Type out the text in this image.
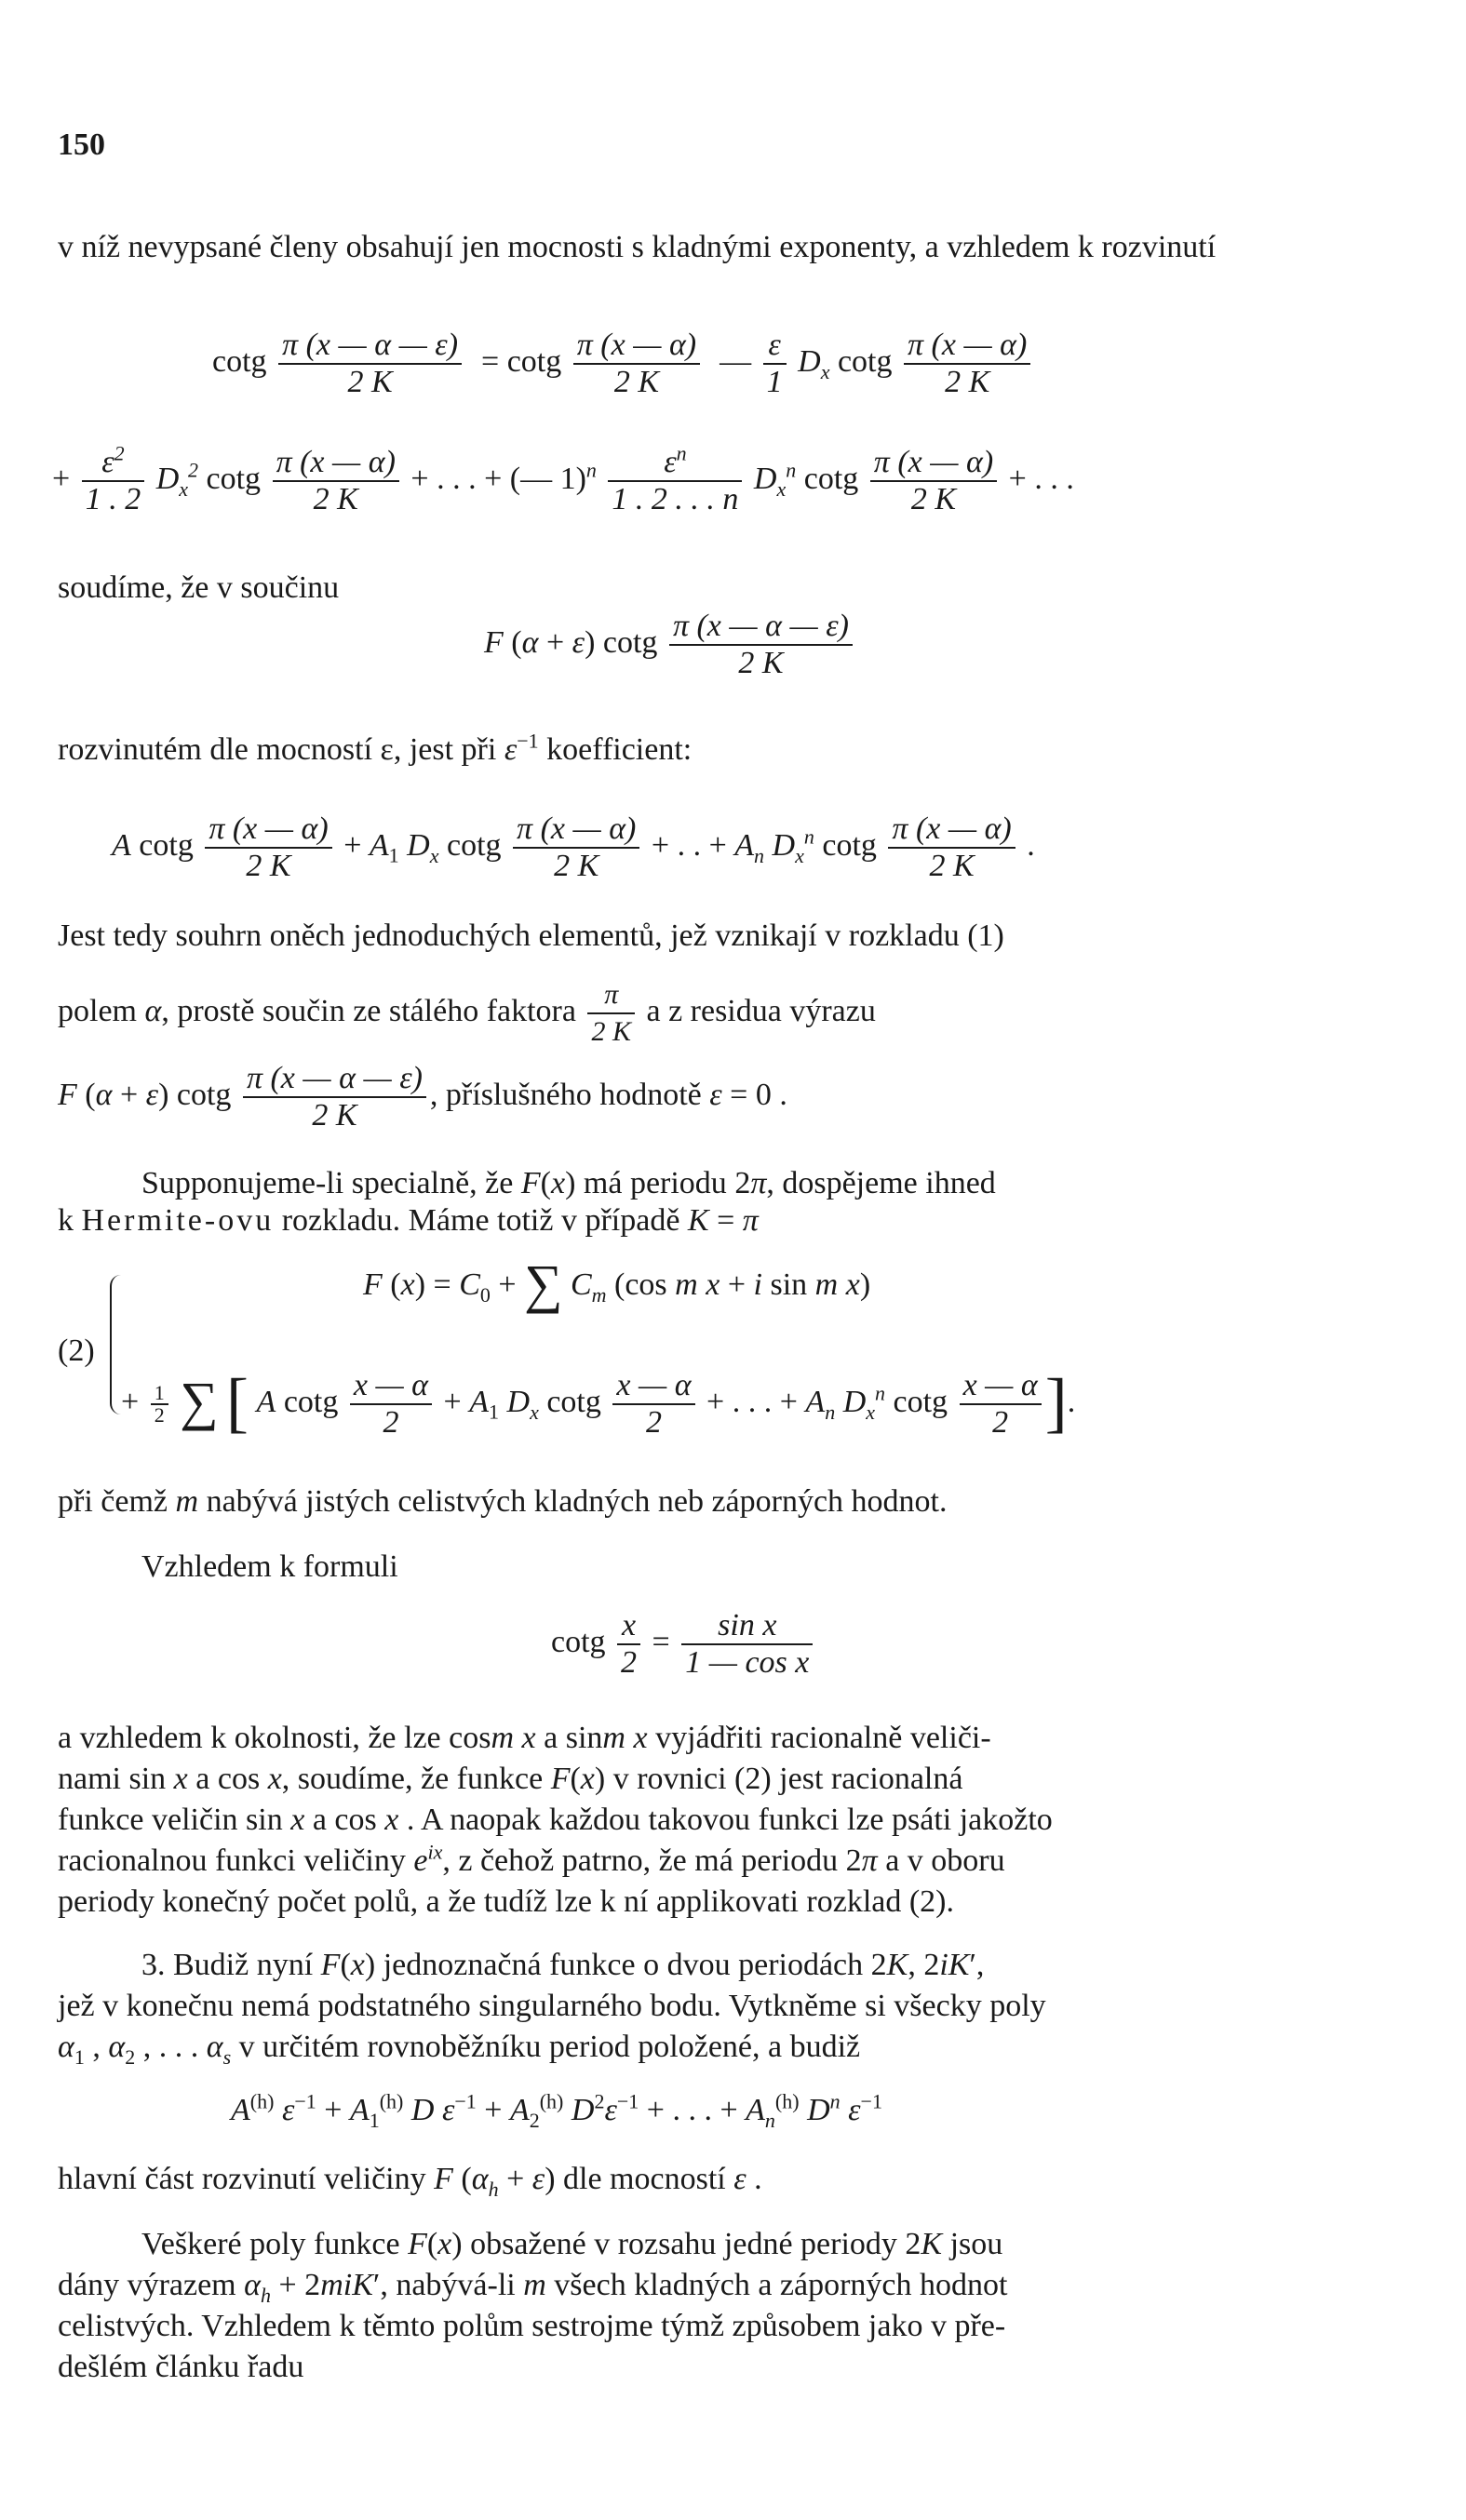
150
v níž nevypsané členy obsahují jen mocnosti s kladnými exponenty, a vzhledem k rozvinutí
cotg $\frac{\pi (x — \alpha — \varepsilon)}{2 K} = \cot g \frac{\pi (x — \alpha)}{2 K}$ — $\frac{\varepsilon}{1} D_x$ cotg $\frac{\pi (x — \alpha)}{2 K}$
+ $\frac{\varepsilon^2}{1 . 2} D_x^2$ cotg $\frac{\pi (x — \alpha)}{2 K}$ + . . . + (— $1)^n \frac{\varepsilon^n}{1 . 2 . . . n} D_x^n$ cotg $\frac{\pi (x — \alpha)}{2 K}$ + . . .
soudíme, že v součinu
F (α + ε) cotg $\frac{\pi (x — \alpha — \varepsilon)}{2 K}$
rozvinutém dle mocností ε, jest při $\varepsilon^{-1}$ koefficient:
A cotg $\frac{\pi (x — \alpha)}{2 K} + A_1$ $D_x$ cotg $\frac{\pi (x — \alpha)}{2 K}$ + . . + $A_n$ $D_x^n$ cotg $\frac{\pi (x — \alpha)}{2 K}$ .
Jest tedy souhrn oněch jednoduchých elementů, jež vznikají v rozkladu (1)
polem α, prostě součin ze stálého faktora $\frac{\pi}{2 K}$ a z residua výrazu
F (α + ε) cotg $\frac{\pi (x — \alpha — \varepsilon)}{2 K}$ , příslušného hodnotě ε = 0 .
Supponujeme-li specialně, že F(x) má periodu 2π, dospějeme ihned
k Hermite-ovu rozkladu. Máme totiž v případě K = π
(2)
F $(x) = C_0$ + ∑ $C_m$ (cos m x + i sin m x)
+ $\frac{1}{2}$ ∑ [ A cotg $\frac{x — \alpha}{2} + A_1$ $D_x$ cotg $\frac{x — \alpha}{2}$ + . . . + $A_n$ $D_x^n$ cotg $\frac{x — \alpha}{2}$ ].
při čemž m nabývá jistých celistvých kladných neb záporných hodnot.
Vzhledem k formuli
cotg $\frac{x}{2} = \frac{\text{sin x}}{\text{1 — cos x}}$
a vzhledem k okolnosti, že lze cosm x a sinm x vyjádřiti racionalně veliči-
nami sin x a cos x, soudíme, že funkce F(x) v rovnici (2) jest racionalná
funkce veličin sin x a cos x . A naopak každou takovou funkci lze psáti jakožto
racionalnou funkci veličiny $e^{ix}$, z čehož patrno, že má periodu 2π a v oboru
periody konečný počet polů, a že tudíž lze k ní applikovati rozklad (2).
3. Budiž nyní F(x) jednoznačná funkce o dvou periodách 2K, 2iK′,
jež v konečnu nemá podstatného singularného bodu. Vytkněme si všecky poly
$\alpha_1$ , $\alpha_2$ , . . . $\alpha_s$ v určitém rovnoběžníku period položené, a budiž
$A^{(h)}$ $\varepsilon^{-1} + A_1^{(h)}$ D $\varepsilon^{-1} + A_2^{(h)}$ $D^2\varepsilon^{-1}$ + . . . + $A_n^{(h)}$ $D^n$ $\varepsilon^{-1}$
hlavní část rozvinutí veličiny F $(\alpha_h + \varepsilon)$ dle mocností ε .
Veškeré poly funkce F(x) obsažené v rozsahu jedné periody 2K jsou
dány výrazem $\alpha_h + 2miK'$, nabývá-li m všech kladných a záporných hodnot
celistvých. Vzhledem k těmto polům sestrojme týmž způsobem jako v pře-
dešlém článku řadu
